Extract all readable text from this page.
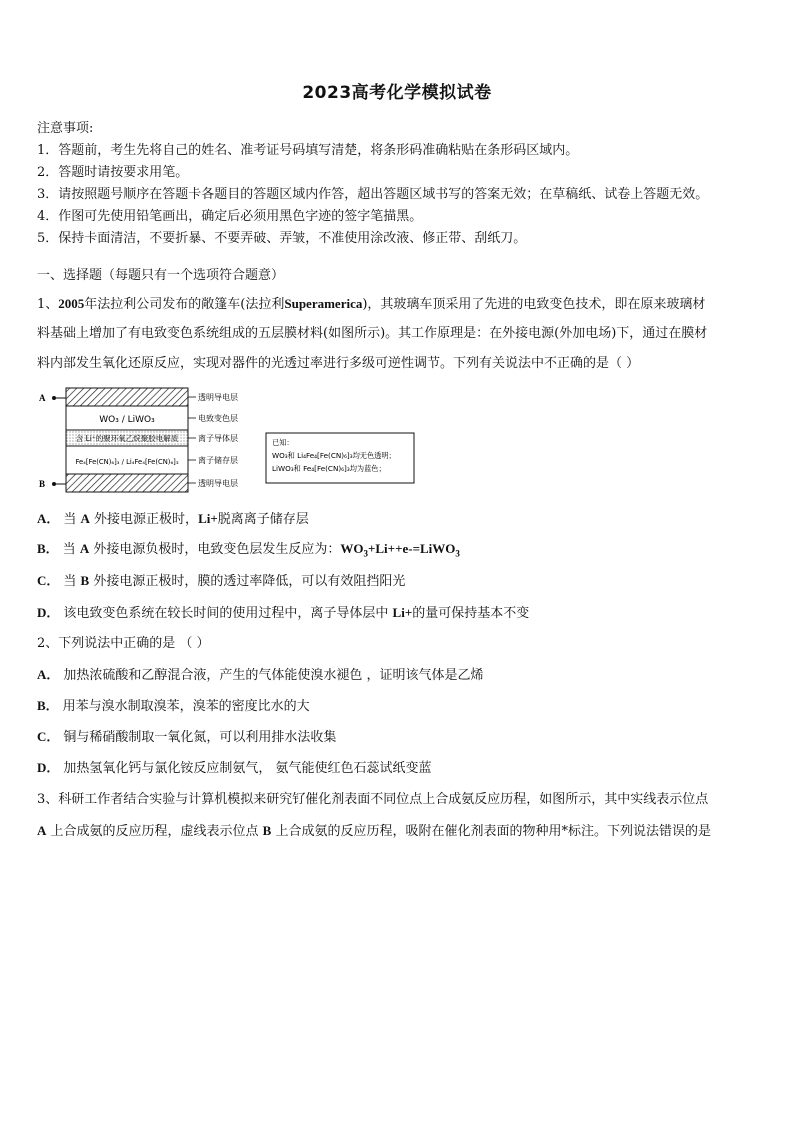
2023高考化学模拟试卷
注意事项:
1．答题前，考生先将自己的姓名、准考证号码填写清楚，将条形码准确粘贴在条形码区域内。
2．答题时请按要求用笔。
3．请按照题号顺序在答题卡各题目的答题区域内作答，超出答题区域书写的答案无效；在草稿纸、试卷上答题无效。
4．作图可先使用铅笔画出，确定后必须用黑色字迹的签字笔描黑。
5．保持卡面清洁，不要折暴、不要弄破、弄皱，不准使用涂改液、修正带、刮纸刀。
一、选择题（每题只有一个选项符合题意）
1、2005年法拉利公司发布的敞篷车(法拉利Superamerica)，其玻璃车顶采用了先进的电致变色技术，即在原来玻璃材
料基础上增加了有电致变色系统组成的五层膜材料(如图所示)。其工作原理是：在外接电源(外加电场)下，通过在膜材
料内部发生氧化还原反应，实现对器件的光透过率进行多级可逆性调节。下列有关说法中不正确的是（ ）
A
WO₃ / LiWO₃
含 Li⁺的聚环氧乙烷聚胶电解质
Fe₄[Fe(CN)₆]₃ / Li₄Fe₄[Fe(CN)₆]₃
B
透明导电层
电致变色层
离子导体层
离子储存层
透明导电层
已知：
WO₃和 Li₄Fe₄[Fe(CN)₆]₃均无色透明；
LiWO₃和 Fe₄[Fe(CN)₆]₃均为蓝色；
A． 当 A 外接电源正极时，Li+脱离离子储存层
B． 当 A 外接电源负极时，电致变色层发生反应为：$WO_3+Li++e-=LiWO_3$
C． 当 B 外接电源正极时，膜的透过率降低，可以有效阻挡阳光
D． 该电致变色系统在较长时间的使用过程中，离子导体层中 Li+的量可保持基本不变
2、下列说法中正确的是 （ ）
A． 加热浓硫酸和乙醇混合液，产生的气体能使溴水褪色 ，证明该气体是乙烯
B． 用苯与溴水制取溴苯，溴苯的密度比水的大
C． 铜与稀硝酸制取一氧化氮，可以利用排水法收集
D． 加热氢氧化钙与氯化铵反应制氨气， 氨气能使红色石蕊试纸变蓝
3、科研工作者结合实验与计算机模拟来研究钌催化剂表面不同位点上合成氨反应历程，如图所示，其中实线表示位点
A 上合成氨的反应历程，虚线表示位点 B 上合成氨的反应历程，吸附在催化剂表面的物种用*标注。下列说法错误的是
